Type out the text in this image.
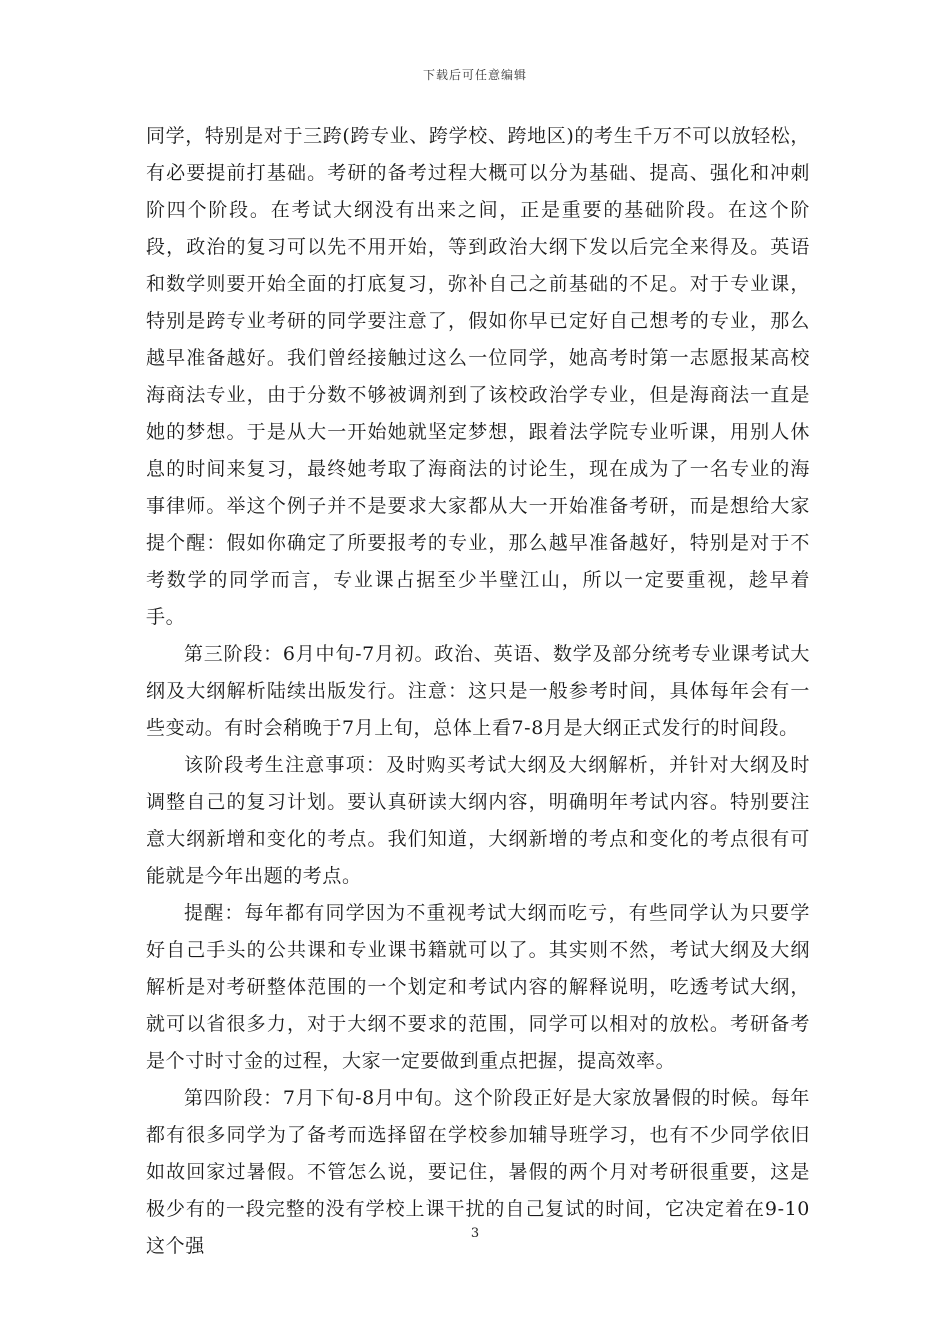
下载后可任意编辑

同学，特别是对于三跨(跨专业、跨学校、跨地区)的考生千万不可以放轻松，有必要提前打基础。考研的备考过程大概可以分为基础、提高、强化和冲刺阶四个阶段。在考试大纲没有出来之间，正是重要的基础阶段。在这个阶段，政治的复习可以先不用开始，等到政治大纲下发以后完全来得及。英语和数学则要开始全面的打底复习，弥补自己之前基础的不足。对于专业课，特别是跨专业考研的同学要注意了，假如你早已定好自己想考的专业，那么越早准备越好。我们曾经接触过这么一位同学，她高考时第一志愿报某高校海商法专业，由于分数不够被调剂到了该校政治学专业，但是海商法一直是她的梦想。于是从大一开始她就坚定梦想，跟着法学院专业听课，用别人休息的时间来复习，最终她考取了海商法的讨论生，现在成为了一名专业的海事律师。举这个例子并不是要求大家都从大一开始准备考研，而是想给大家提个醒：假如你确定了所要报考的专业，那么越早准备越好，特别是对于不考数学的同学而言，专业课占据至少半壁江山，所以一定要重视，趁早着手。

第三阶段：6月中旬-7月初。政治、英语、数学及部分统考专业课考试大纲及大纲解析陆续出版发行。注意：这只是一般参考时间，具体每年会有一些变动。有时会稍晚于7月上旬，总体上看7-8月是大纲正式发行的时间段。

该阶段考生注意事项：及时购买考试大纲及大纲解析，并针对大纲及时调整自己的复习计划。要认真研读大纲内容，明确明年考试内容。特别要注意大纲新增和变化的考点。我们知道，大纲新增的考点和变化的考点很有可能就是今年出题的考点。

提醒：每年都有同学因为不重视考试大纲而吃亏，有些同学认为只要学好自己手头的公共课和专业课书籍就可以了。其实则不然，考试大纲及大纲解析是对考研整体范围的一个划定和考试内容的解释说明，吃透考试大纲，就可以省很多力，对于大纲不要求的范围，同学可以相对的放松。考研备考是个寸时寸金的过程，大家一定要做到重点把握，提高效率。

第四阶段：7月下旬-8月中旬。这个阶段正好是大家放暑假的时候。每年都有很多同学为了备考而选择留在学校参加辅导班学习，也有不少同学依旧如故回家过暑假。不管怎么说，要记住，暑假的两个月对考研很重要，这是极少有的一段完整的没有学校上课干扰的自己复试的时间，它决定着在9-10这个强

3
